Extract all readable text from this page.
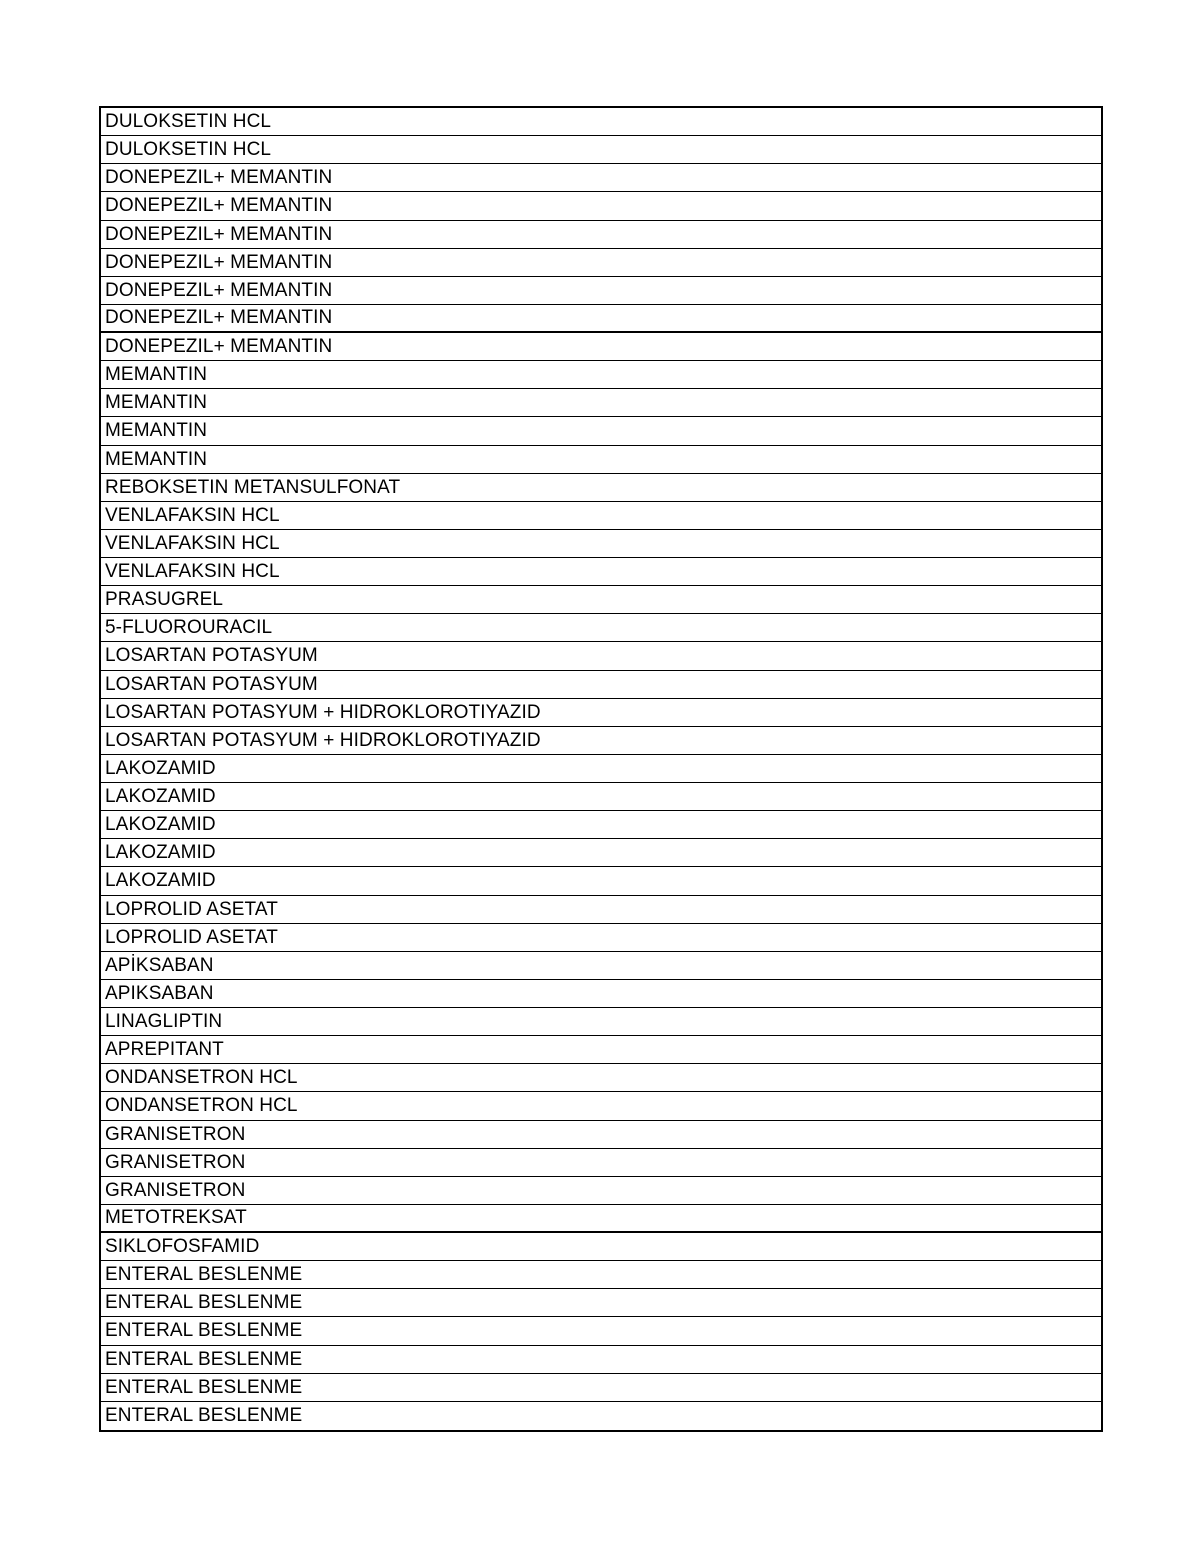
DULOKSETIN HCL
DULOKSETIN HCL
DONEPEZIL+ MEMANTIN
DONEPEZIL+ MEMANTIN
DONEPEZIL+ MEMANTIN
DONEPEZIL+ MEMANTIN
DONEPEZIL+ MEMANTIN
DONEPEZIL+ MEMANTIN
DONEPEZIL+ MEMANTIN
MEMANTIN
MEMANTIN
MEMANTIN
MEMANTIN
REBOKSETIN METANSULFONAT
VENLAFAKSIN HCL
VENLAFAKSIN HCL
VENLAFAKSIN HCL
PRASUGREL
5-FLUOROURACIL
LOSARTAN POTASYUM
LOSARTAN POTASYUM
LOSARTAN POTASYUM + HIDROKLOROTIYAZID
LOSARTAN POTASYUM + HIDROKLOROTIYAZID
LAKOZAMID
LAKOZAMID
LAKOZAMID
LAKOZAMID
LAKOZAMID
LOPROLID ASETAT
LOPROLID ASETAT
APİKSABAN
APIKSABAN
LINAGLIPTIN
APREPITANT
ONDANSETRON HCL
ONDANSETRON HCL
GRANISETRON
GRANISETRON
GRANISETRON
METOTREKSAT
SIKLOFOSFAMID
ENTERAL BESLENME
ENTERAL BESLENME
ENTERAL BESLENME
ENTERAL BESLENME
ENTERAL BESLENME
ENTERAL BESLENME
